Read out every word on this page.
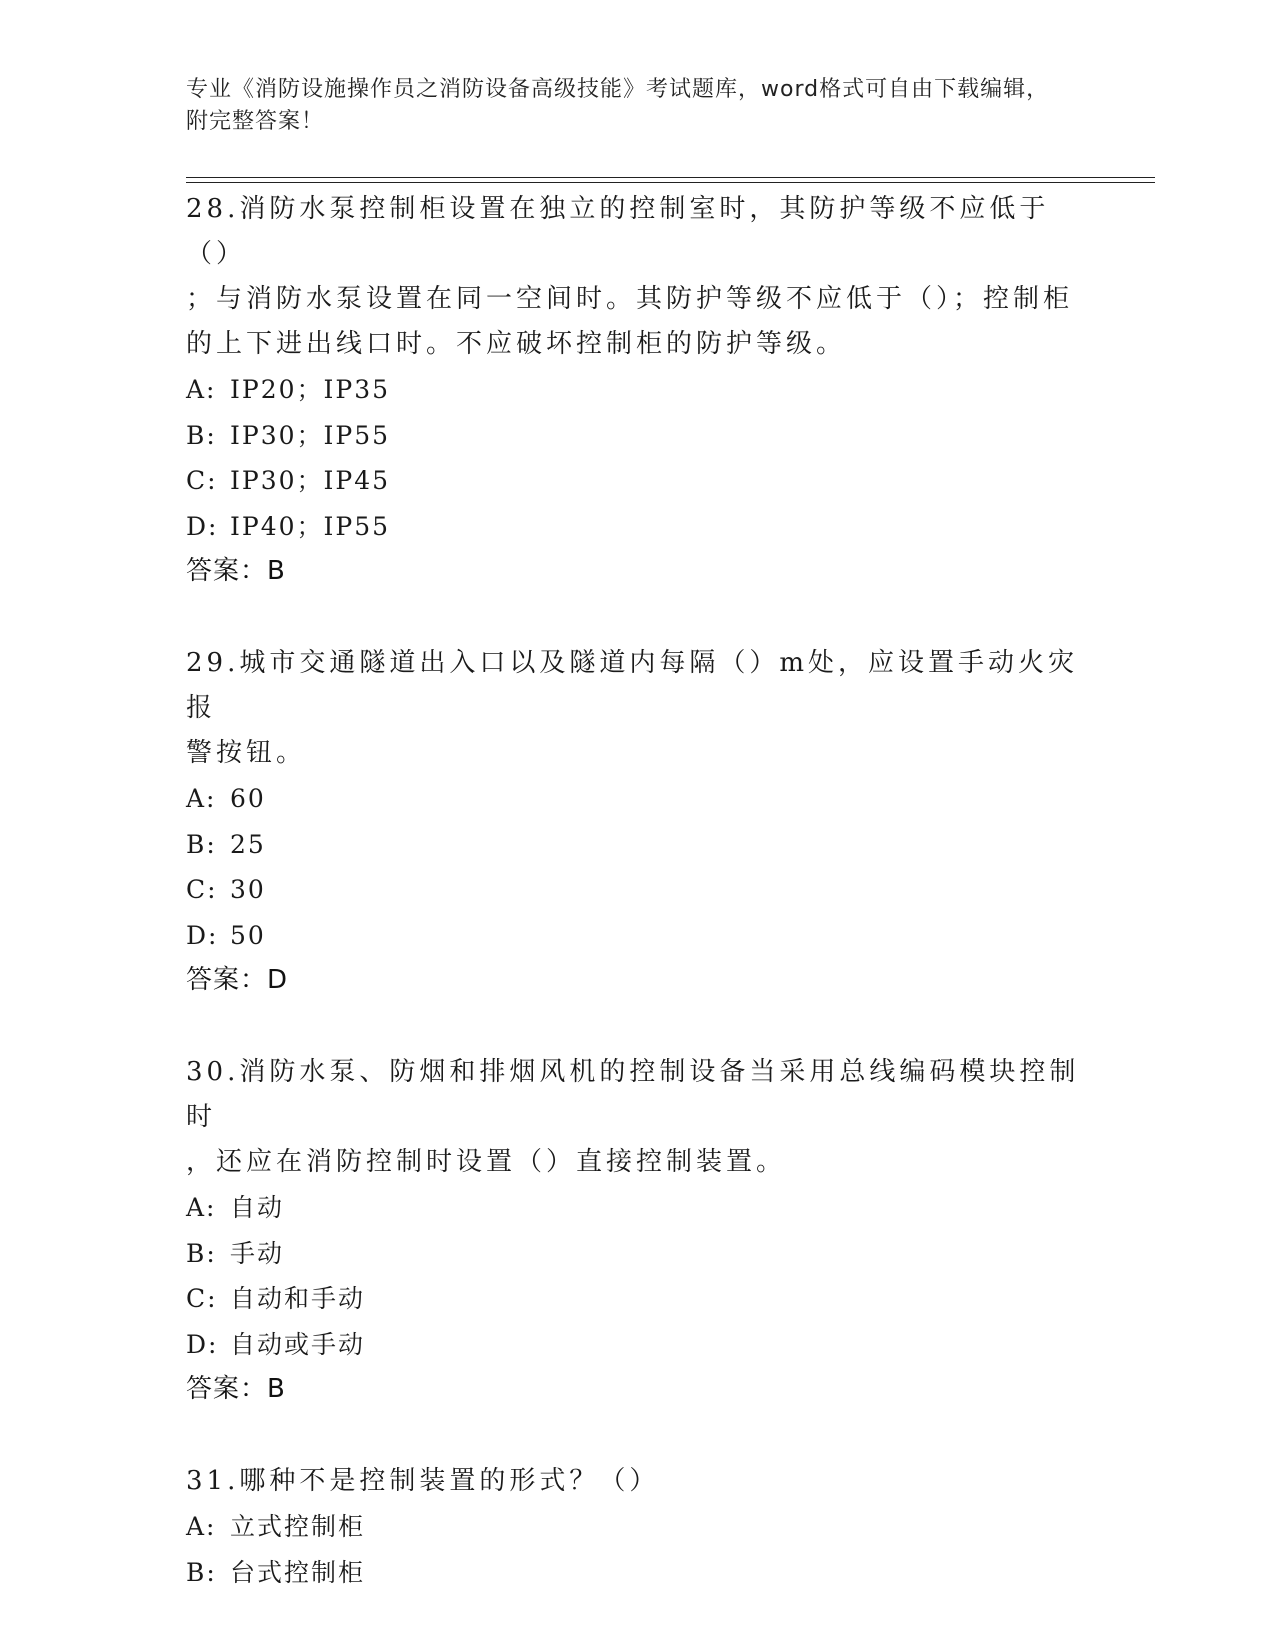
专业《消防设施操作员之消防设备高级技能》考试题库，word格式可自由下载编辑，附完整答案！
28.消防水泵控制柜设置在独立的控制室时，其防护等级不应低于（）
；与消防水泵设置在同一空间时。其防护等级不应低于（）；控制柜
的上下进出线口时。不应破坏控制柜的防护等级。
A: IP20；IP35
B: IP30；IP55
C: IP30；IP45
D: IP40；IP55
答案：B
29.城市交通隧道出入口以及隧道内每隔（）m处，应设置手动火灾报
警按钮。
A: 60
B: 25
C: 30
D: 50
答案：D
30.消防水泵、防烟和排烟风机的控制设备当采用总线编码模块控制时
，还应在消防控制时设置（）直接控制装置。
A: 自动
B: 手动
C: 自动和手动
D: 自动或手动
答案：B
31.哪种不是控制装置的形式？（）
A: 立式控制柜
B: 台式控制柜
